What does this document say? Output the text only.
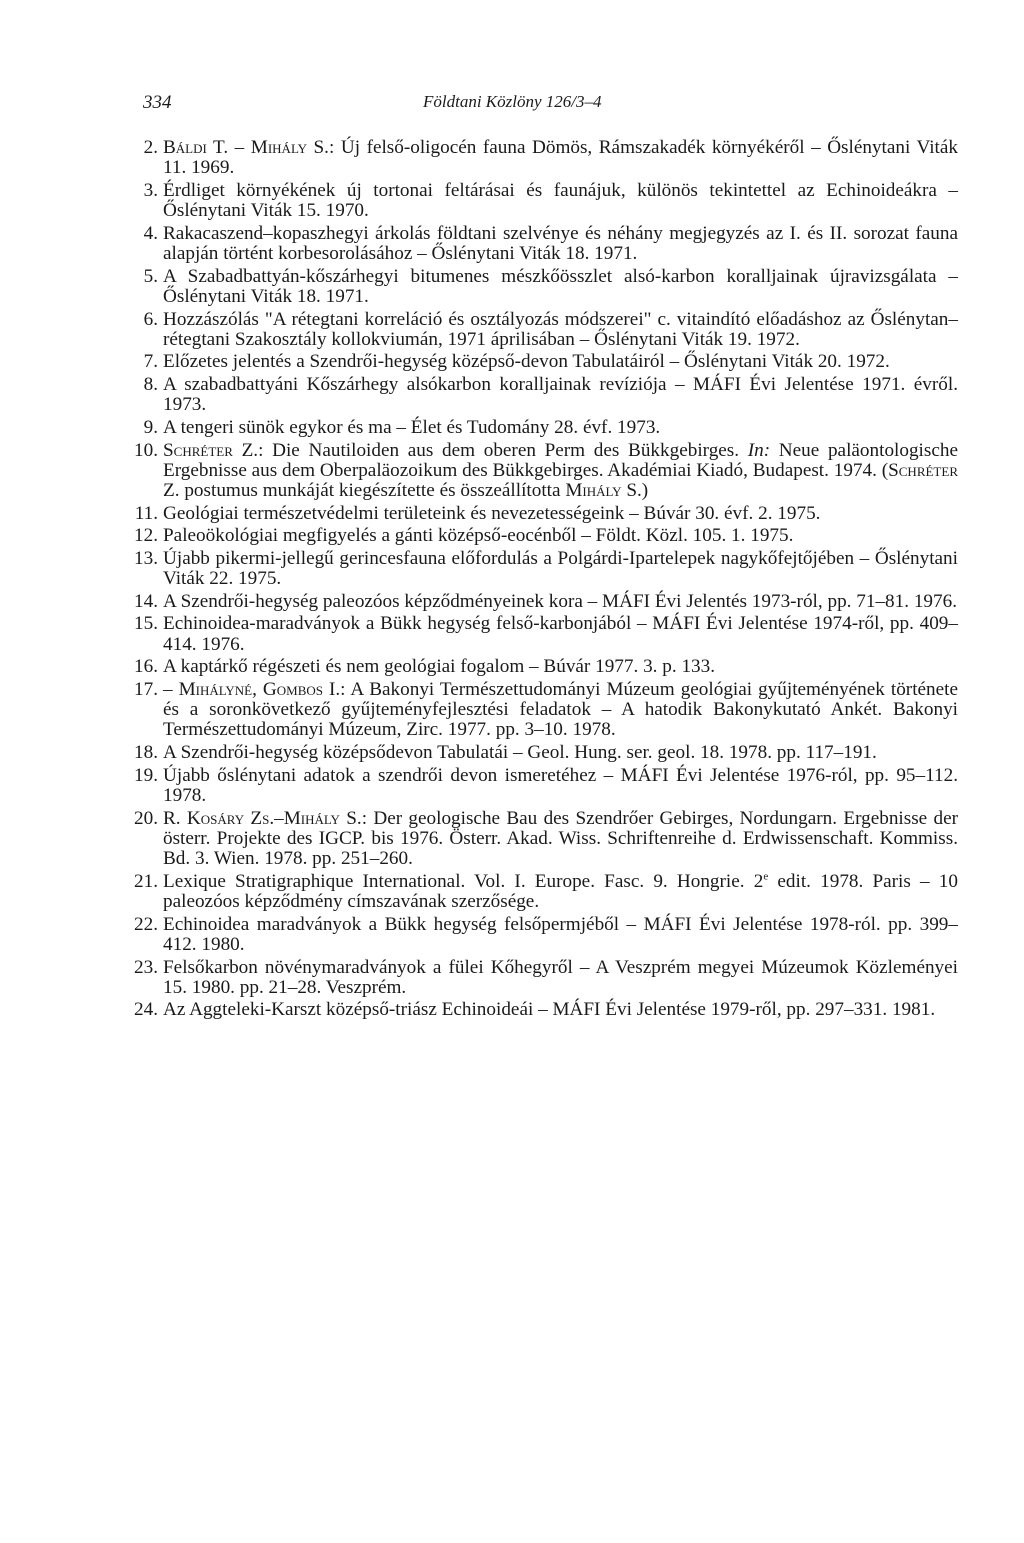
334	Földtani Közlöny 126/3–4
2. Báldi T. – Mihály S.: Új felső-oligocén fauna Dömös, Rámszakadék környékéről – Őslénytani Viták 11. 1969.
3. Érdliget környékének új tortonai feltárásai és faunájuk, különös tekintettel az Echinoideákra – Őslénytani Viták 15. 1970.
4. Rakacaszend–kopaszhegyi árkolás földtani szelvénye és néhány megjegyzés az I. és II. sorozat fauna alapján történt korbesorolásához – Őslénytani Viták 18. 1971.
5. A Szabadbattyán-kőszárhegyi bitumenes mészkőösszlet alsó-karbon koralljainak újravizsgálata – Őslénytani Viták 18. 1971.
6. Hozzászólás "A rétegtani korreláció és osztályozás módszerei" c. vitaindító előadáshoz az Őslénytan–rétegtani Szakosztály kollokviumán, 1971 áprilisában – Őslénytani Viták 19. 1972.
7. Előzetes jelentés a Szendrői-hegység középső-devon Tabulatáiról – Őslénytani Viták 20. 1972.
8. A szabadbattyáni Kőszárhegy alsókarbon koralljainak revíziója – MÁFI Évi Jelentése 1971. évről. 1973.
9. A tengeri sünök egykor és ma – Élet és Tudomány 28. évf. 1973.
10. Schréter Z.: Die Nautiloiden aus dem oberen Perm des Bükkgebirges. In: Neue paläontologische Ergebnisse aus dem Oberpaläozoikum des Bükkgebirges. Akadémiai Kiadó, Budapest. 1974. (Schréter Z. postumus munkáját kiegészítette és összeállította Mihály S.)
11. Geológiai természetvédelmi területeink és nevezetességeink – Búvár 30. évf. 2. 1975.
12. Paleoökológiai megfigyelés a gánti középső-eocénből – Földt. Közl. 105. 1. 1975.
13. Újabb pikermi-jellegű gerincesfauna előfordulás a Polgárdi-Ipartelepek nagykőfejtőjében – Őslénytani Viták 22. 1975.
14. A Szendrői-hegység paleozóos képződményeinek kora – MÁFI Évi Jelentés 1973-ról, pp. 71–81. 1976.
15. Echinoidea-maradványok a Bükk hegység felső-karbonjából – MÁFI Évi Jelentése 1974-ről, pp. 409–414. 1976.
16. A kaptárkő régészeti és nem geológiai fogalom – Búvár 1977. 3. p. 133.
17. – Mihályné, Gombos I.: A Bakonyi Természettudományi Múzeum geológiai gyűjteményének története és a soronkövetkező gyűjteményfejlesztési feladatok – A hatodik Bakonykutató Ankét. Bakonyi Természettudományi Múzeum, Zirc. 1977. pp. 3–10. 1978.
18. A Szendrői-hegység középsődevon Tabulatái – Geol. Hung. ser. geol. 18. 1978. pp. 117–191.
19. Újabb őslénytani adatok a szendrői devon ismeretéhez – MÁFI Évi Jelentése 1976-ról, pp. 95–112. 1978.
20. R. Kosáry Zs.–Mihály S.: Der geologische Bau des Szendrőer Gebirges, Nordungarn. Ergebnisse der österr. Projekte des IGCP. bis 1976. Österr. Akad. Wiss. Schriftenreihe d. Erdwissenschaft. Kommiss. Bd. 3. Wien. 1978. pp. 251–260.
21. Lexique Stratigraphique International. Vol. I. Europe. Fasc. 9. Hongrie. 2e edit. 1978. Paris – 10 paleozóos képződmény címszavának szerzősége.
22. Echinoidea maradványok a Bükk hegység felsőpermjéből – MÁFI Évi Jelentése 1978-ról. pp. 399–412. 1980.
23. Felsőkarbon növénymaradványok a fülei Kőhegyről – A Veszprém megyei Múzeumok Közleményei 15. 1980. pp. 21–28. Veszprém.
24. Az Aggteleki-Karszt középső-triász Echinoideái – MÁFI Évi Jelentése 1979-ről, pp. 297–331. 1981.
